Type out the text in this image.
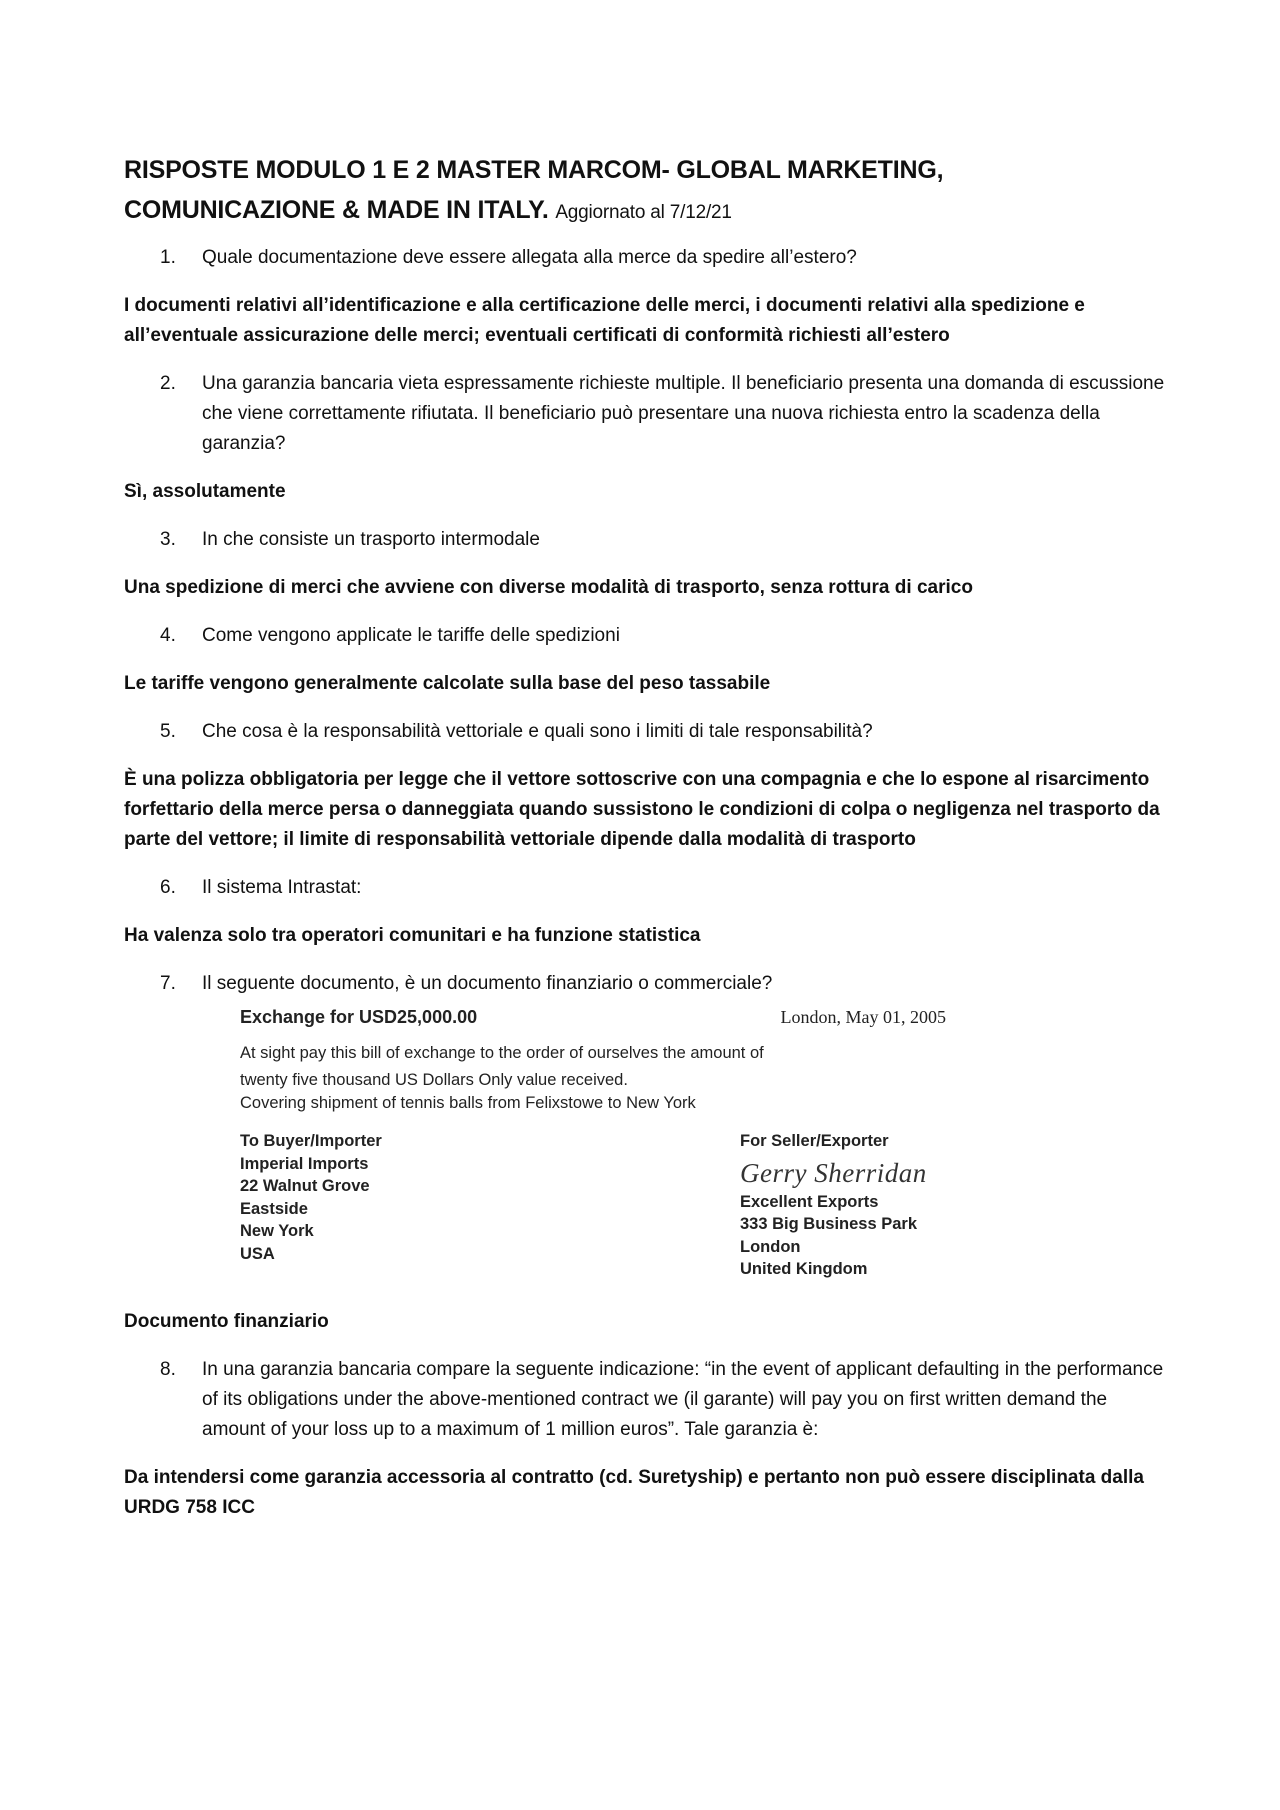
RISPOSTE MODULO 1 E 2 MASTER MARCOM- GLOBAL MARKETING,
COMUNICAZIONE & MADE IN ITALY. Aggiornato al 7/12/21
1. Quale documentazione deve essere allegata alla merce da spedire all’estero?
I documenti relativi all’identificazione e alla certificazione delle merci, i documenti relativi alla spedizione e all’eventuale assicurazione delle merci; eventuali certificati di conformità richiesti all’estero
2. Una garanzia bancaria vieta espressamente richieste multiple. Il beneficiario presenta una domanda di escussione che viene correttamente rifiutata. Il beneficiario può presentare una nuova richiesta entro la scadenza della garanzia?
Sì, assolutamente
3. In che consiste un trasporto intermodale
Una spedizione di merci che avviene con diverse modalità di trasporto, senza rottura di carico
4. Come vengono applicate le tariffe delle spedizioni
Le tariffe vengono generalmente calcolate sulla base del peso tassabile
5. Che cosa è la responsabilità vettoriale e quali sono i limiti di tale responsabilità?
È una polizza obbligatoria per legge che il vettore sottoscrive con una compagnia e che lo espone al risarcimento forfettario della merce persa o danneggiata quando sussistono le condizioni di colpa o negligenza nel trasporto da parte del vettore; il limite di responsabilità vettoriale dipende dalla modalità di trasporto
6. Il sistema Intrastat:
Ha valenza solo tra operatori comunitari e ha funzione statistica
7. Il seguente documento, è un documento finanziario o commerciale?
Exchange for USD25,000.00	London, May 01, 2005
At sight pay this bill of exchange to the order of ourselves the amount of
twenty five thousand US Dollars Only value received.
Covering shipment of tennis balls from Felixstowe to New York
To Buyer/Importer
Imperial Imports
22 Walnut Grove
Eastside
New York
USA
For Seller/Exporter
Gerry Sherridan
Excellent Exports
333 Big Business Park
London
United Kingdom
Documento finanziario
8. In una garanzia bancaria compare la seguente indicazione: “in the event of applicant defaulting in the performance of its obligations under the above-mentioned contract we (il garante) will pay you on first written demand the amount of your loss up to a maximum of 1 million euros”. Tale garanzia è:
Da intendersi come garanzia accessoria al contratto (cd. Suretyship) e pertanto non può essere disciplinata dalla URDG 758 ICC
